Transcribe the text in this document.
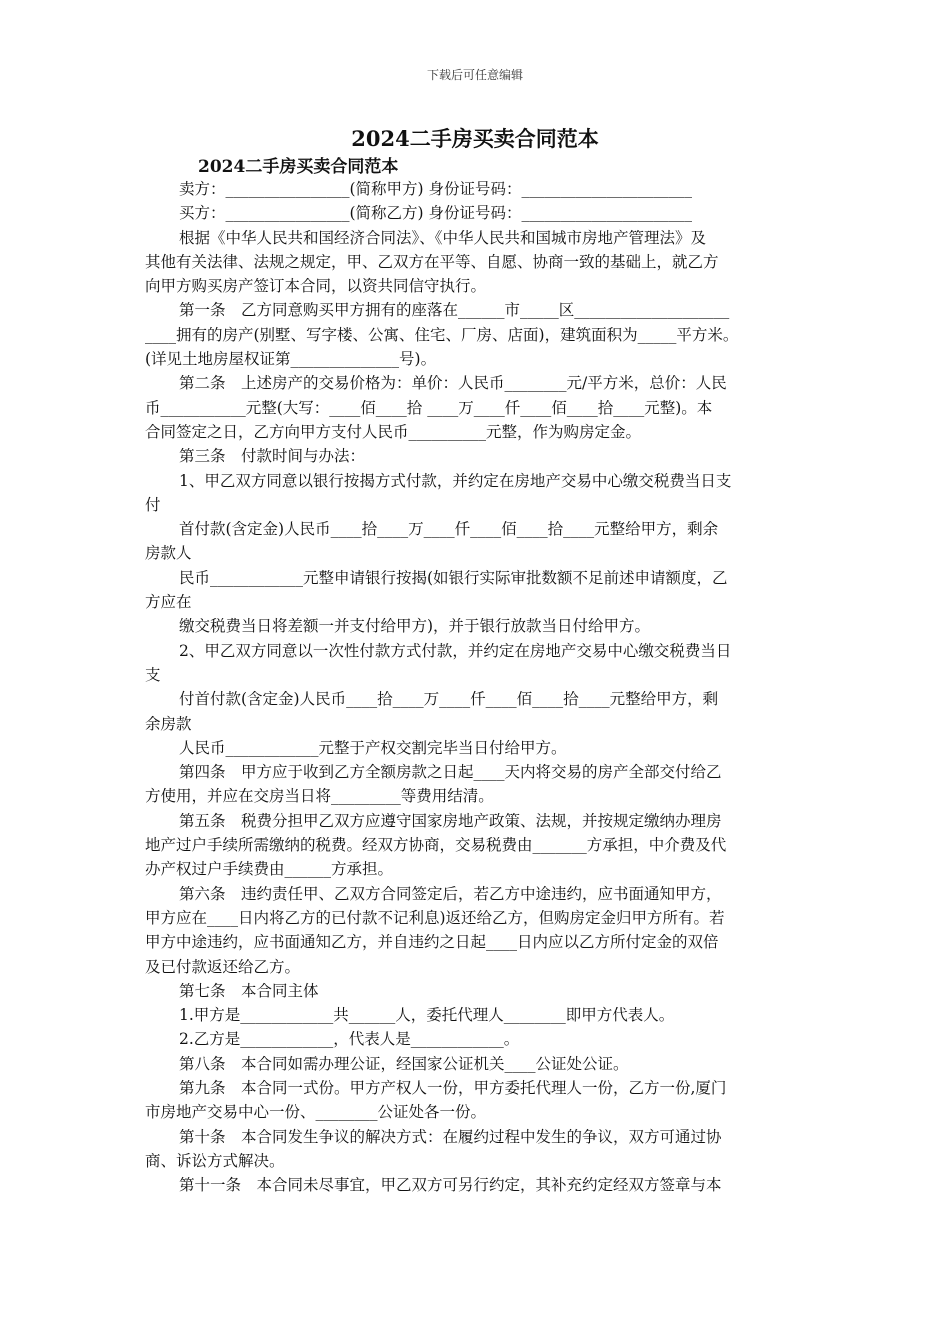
下载后可任意编辑
2024二手房买卖合同范本
2024二手房买卖合同范本
卖方：________________(简称甲方) 身份证号码：______________________
买方：________________(简称乙方) 身份证号码：______________________
根据《中华人民共和国经济合同法》、《中华人民共和国城市房地产管理法》及
其他有关法律、法规之规定，甲、乙双方在平等、自愿、协商一致的基础上，就乙方
向甲方购买房产签订本合同，以资共同信守执行。
第一条　乙方同意购买甲方拥有的座落在______市_____区____________________
____拥有的房产(别墅、写字楼、公寓、住宅、厂房、店面)，建筑面积为_____平方米。
(详见土地房屋权证第______________号)。
第二条　上述房产的交易价格为：单价：人民币________元/平方米，总价：人民
币___________元整(大写：____佰____拾 ____万____仟____佰____拾____元整)。本
合同签定之日，乙方向甲方支付人民币__________元整，作为购房定金。
第三条　付款时间与办法：
1、甲乙双方同意以银行按揭方式付款，并约定在房地产交易中心缴交税费当日支
付
首付款(含定金)人民币____拾____万____仟____佰____拾____元整给甲方，剩余
房款人
民币____________元整申请银行按揭(如银行实际审批数额不足前述申请额度，乙
方应在
缴交税费当日将差额一并支付给甲方)，并于银行放款当日付给甲方。
2、甲乙双方同意以一次性付款方式付款，并约定在房地产交易中心缴交税费当日
支
付首付款(含定金)人民币____拾____万____仟____佰____拾____元整给甲方，剩
余房款
人民币____________元整于产权交割完毕当日付给甲方。
第四条　甲方应于收到乙方全额房款之日起____天内将交易的房产全部交付给乙
方使用，并应在交房当日将_________等费用结清。
第五条　税费分担甲乙双方应遵守国家房地产政策、法规，并按规定缴纳办理房
地产过户手续所需缴纳的税费。经双方协商，交易税费由_______方承担，中介费及代
办产权过户手续费由______方承担。
第六条　违约责任甲、乙双方合同签定后，若乙方中途违约，应书面通知甲方，
甲方应在____日内将乙方的已付款不记利息)返还给乙方，但购房定金归甲方所有。若
甲方中途违约，应书面通知乙方，并自违约之日起____日内应以乙方所付定金的双倍
及已付款返还给乙方。
第七条　本合同主体
1.甲方是____________共______人，委托代理人________即甲方代表人。
2.乙方是____________，代表人是____________。
第八条　本合同如需办理公证，经国家公证机关____公证处公证。
第九条　本合同一式份。甲方产权人一份，甲方委托代理人一份，乙方一份,厦门
市房地产交易中心一份、________公证处各一份。
第十条　本合同发生争议的解决方式：在履约过程中发生的争议，双方可通过协
商、诉讼方式解决。
第十一条　本合同未尽事宜，甲乙双方可另行约定，其补充约定经双方签章与本
